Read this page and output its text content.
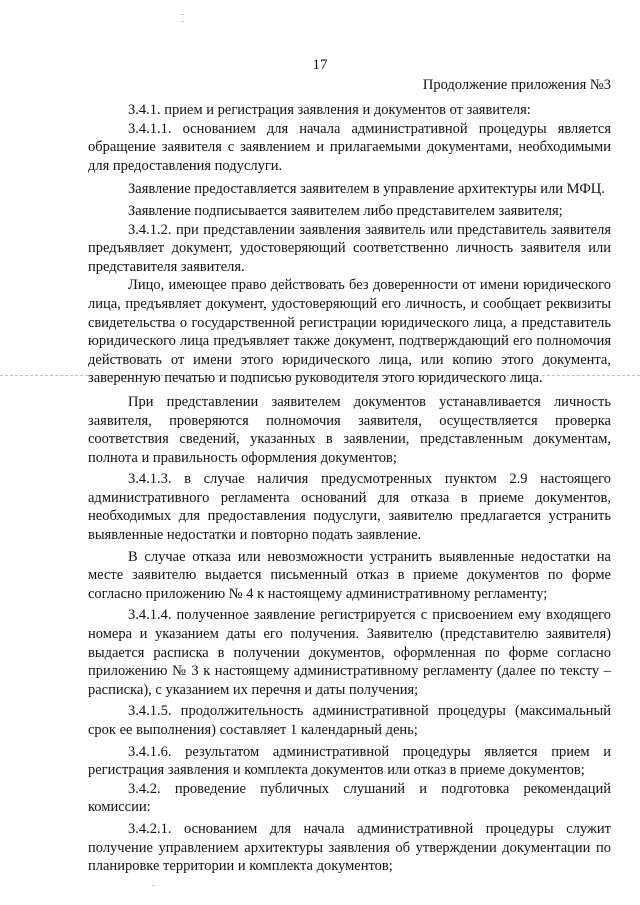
17
Продолжение приложения №3

3.4.1. прием и регистрация заявления и документов от заявителя:

3.4.1.1. основанием для начала административной процедуры является обращение заявителя с заявлением и прилагаемыми документами, необходимыми для предоставления подуслуги.

Заявление предоставляется заявителем в управление архитектуры или МФЦ.

Заявление подписывается заявителем либо представителем заявителя;

3.4.1.2. при представлении заявления заявитель или представитель заявителя предъявляет документ, удостоверяющий соответственно личность заявителя или представителя заявителя.

Лицо, имеющее право действовать без доверенности от имени юридического лица, предъявляет документ, удостоверяющий его личность, и сообщает реквизиты свидетельства о государственной регистрации юридического лица, а представитель юридического лица предъявляет также документ, подтверждающий его полномочия действовать от имени этого юридического лица, или копию этого документа, заверенную печатью и подписью руководителя этого юридического лица.

При представлении заявителем документов устанавливается личность заявителя, проверяются полномочия заявителя, осуществляется проверка соответствия сведений, указанных в заявлении, представленным документам, полнота и правильность оформления документов;

3.4.1.3. в случае наличия предусмотренных пунктом 2.9 настоящего административного регламента оснований для отказа в приеме документов, необходимых для предоставления подуслуги, заявителю предлагается устранить выявленные недостатки и повторно подать заявление.

В случае отказа или невозможности устранить выявленные недостатки на месте заявителю выдается письменный отказ в приеме документов по форме согласно приложению № 4 к настоящему административному регламенту;

3.4.1.4. полученное заявление регистрируется с присвоением ему входящего номера и указанием даты его получения. Заявителю (представителю заявителя) выдается расписка в получении документов, оформленная по форме согласно приложению № 3 к настоящему административному регламенту (далее по тексту – расписка), с указанием их перечня и даты получения;

3.4.1.5. продолжительность административной процедуры (максимальный срок ее выполнения) составляет 1 календарный день;

3.4.1.6. результатом административной процедуры является прием и регистрация заявления и комплекта документов или отказ в приеме документов;

3.4.2. проведение публичных слушаний и подготовка рекомендаций комиссии:

3.4.2.1. основанием для начала административной процедуры служит получение управлением архитектуры заявления об утверждении документации по планировке территории и комплекта документов;
